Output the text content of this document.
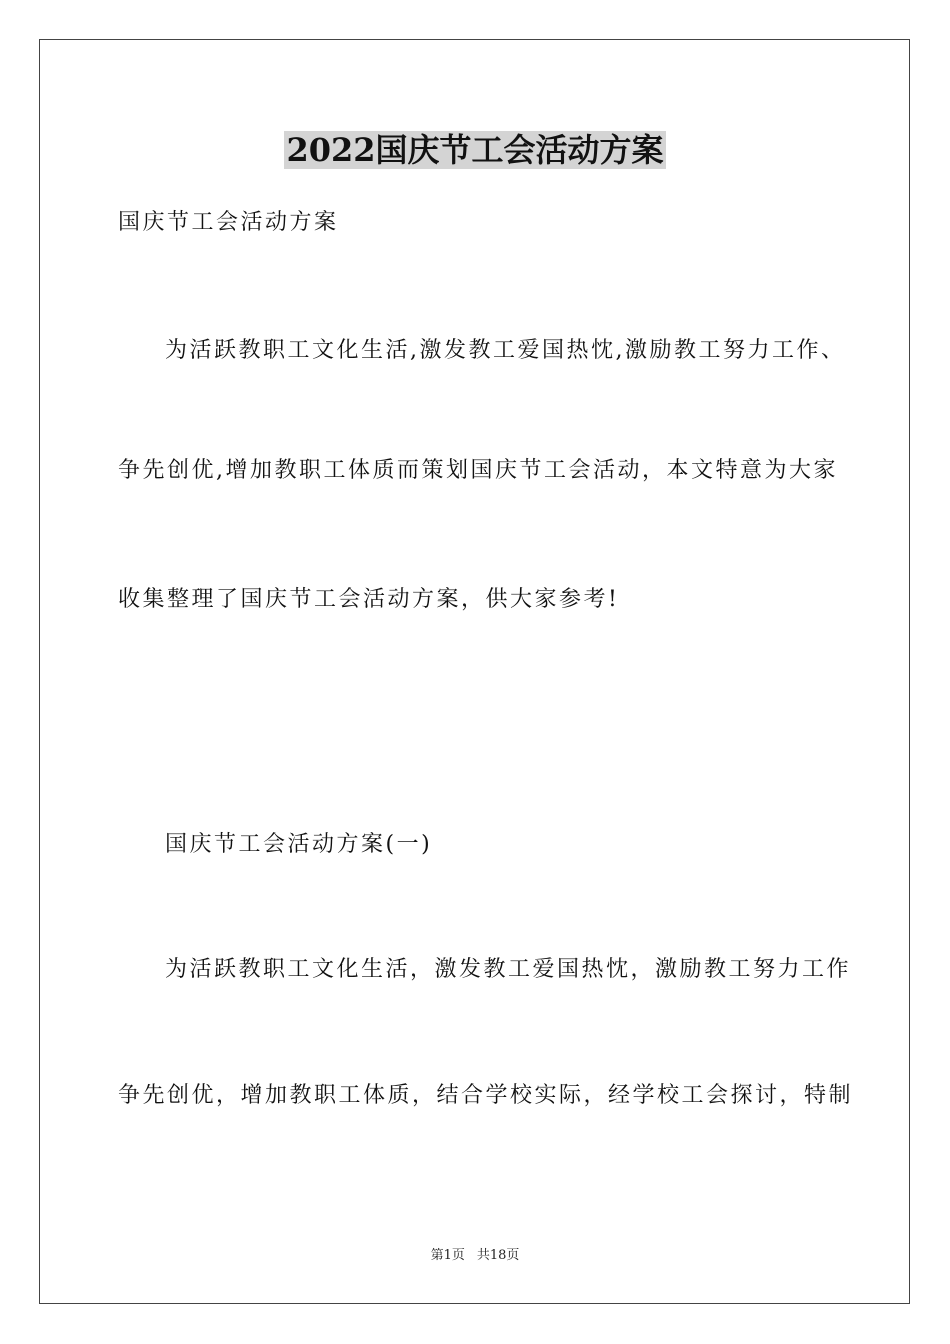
2022国庆节工会活动方案
国庆节工会活动方案
为活跃教职工文化生活,激发教工爱国热忱,激励教工努力工作、
争先创优,增加教职工体质而策划国庆节工会活动，本文特意为大家
收集整理了国庆节工会活动方案，供大家参考!
国庆节工会活动方案(一)
为活跃教职工文化生活，激发教工爱国热忱，激励教工努力工作
争先创优，增加教职工体质，结合学校实际，经学校工会探讨，特制
第1页 共18页
